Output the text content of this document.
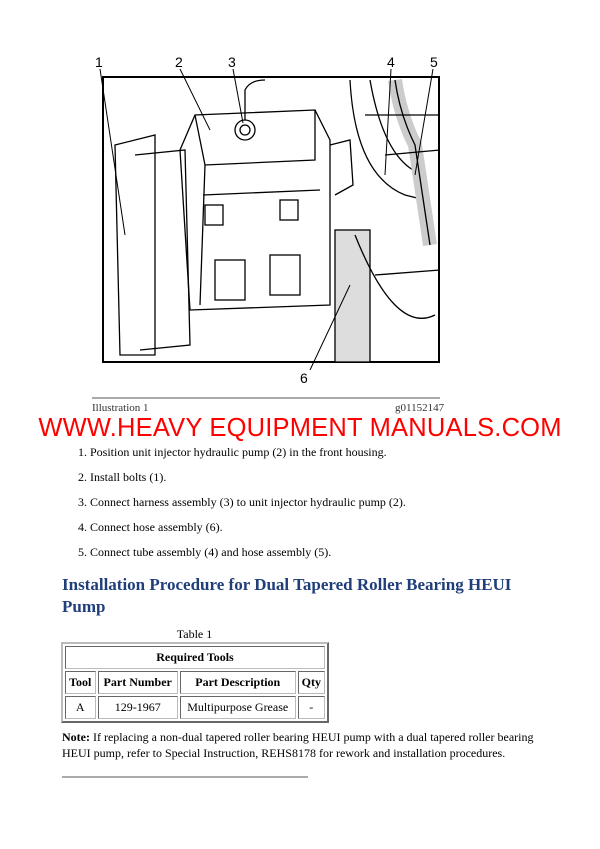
1	2	3	4	5
6
Illustration 1	g01152147
WWW.HEAVY EQUIPMENT MANUALS.COM
1. Position unit injector hydraulic pump (2) in the front housing.
2. Install bolts (1).
3. Connect harness assembly (3) to unit injector hydraulic pump (2).
4. Connect hose assembly (6).
5. Connect tube assembly (4) and hose assembly (5).
Installation Procedure for Dual Tapered Roller Bearing HEUI Pump
Table 1
Required Tools			
Tool	Part Number	Part Description	Qty
A	129-1967	Multipurpose Grease	-
Note: If replacing a non-dual tapered roller bearing HEUI pump with a dual tapered roller bearing HEUI pump, refer to Special Instruction, REHS8178 for rework and installation procedures.
